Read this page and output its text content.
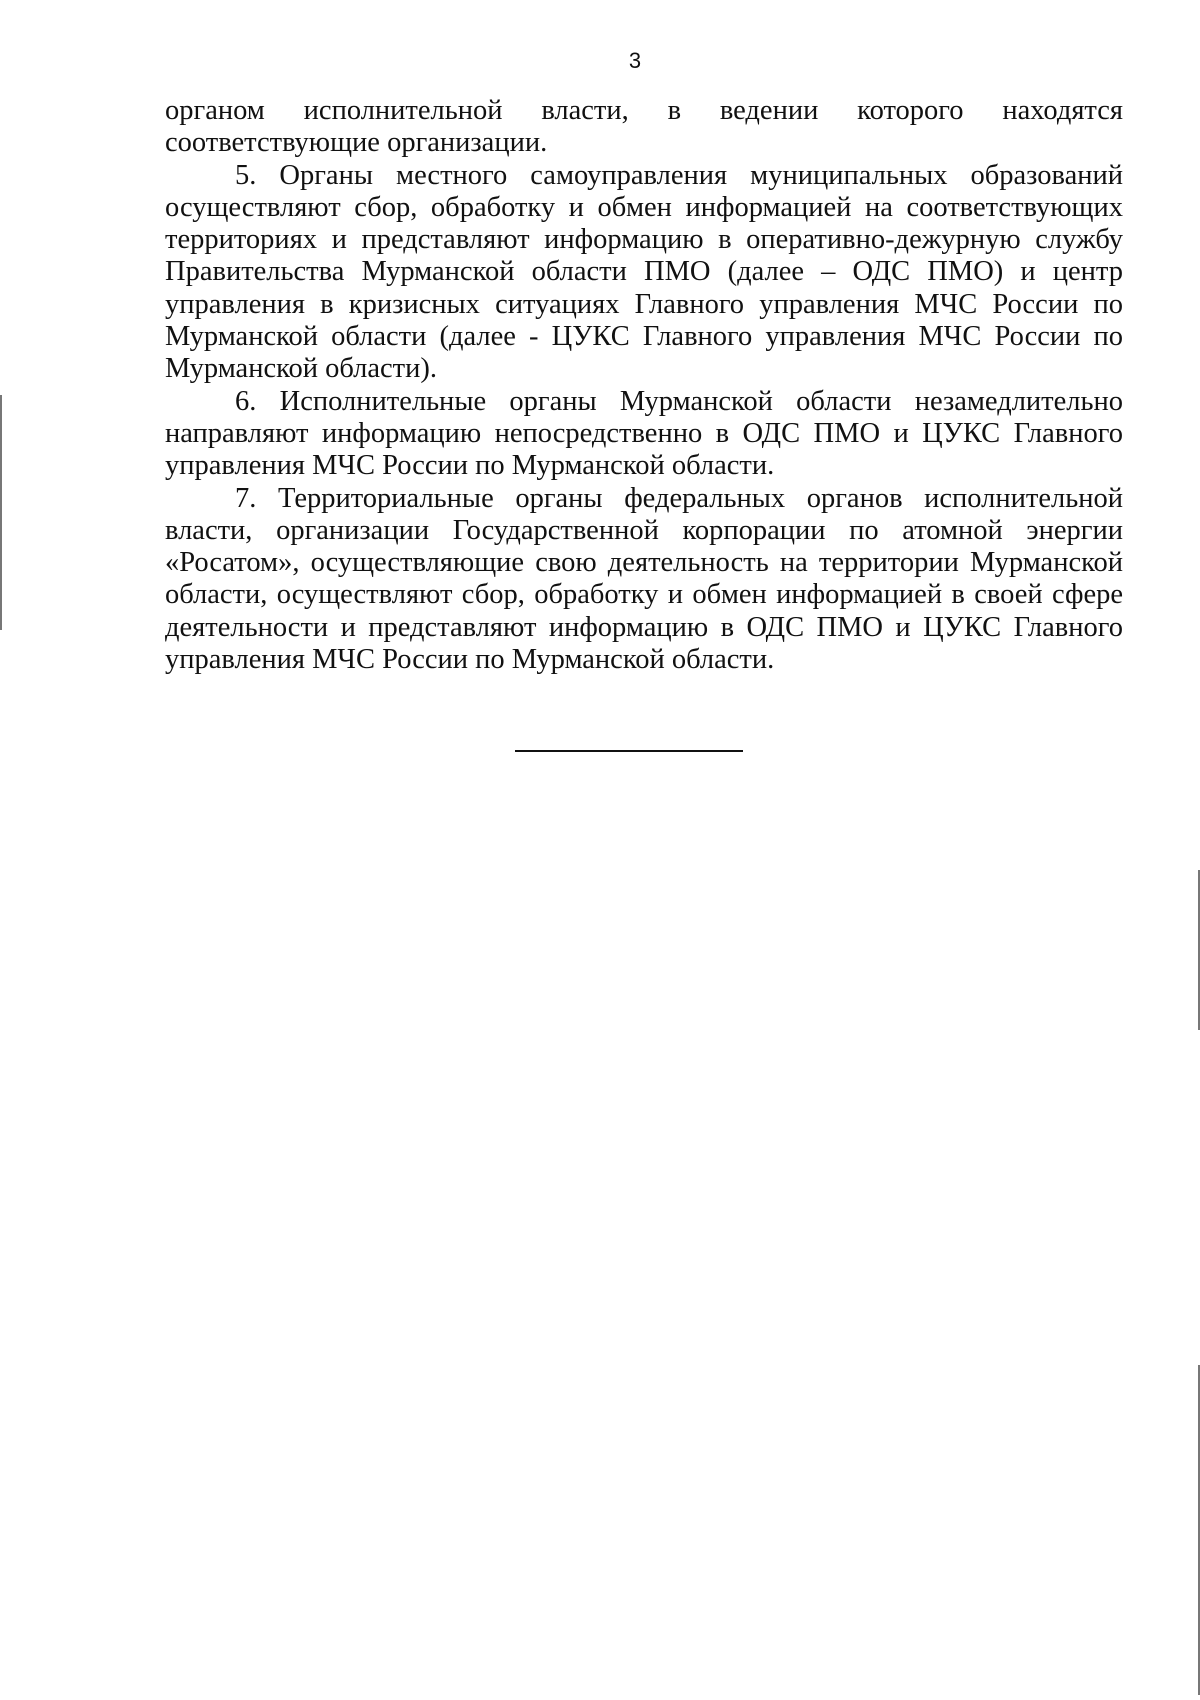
3

органом исполнительной власти, в ведении которого находятся соответствующие организации.

5. Органы местного самоуправления муниципальных образований осуществляют сбор, обработку и обмен информацией на соответствующих территориях и представляют информацию в оперативно-дежурную службу Правительства Мурманской области ПМО (далее – ОДС ПМО) и центр управления в кризисных ситуациях Главного управления МЧС России по Мурманской области (далее - ЦУКС Главного управления МЧС России по Мурманской области).

6. Исполнительные органы Мурманской области незамедлительно направляют информацию непосредственно в ОДС ПМО и ЦУКС Главного управления МЧС России по Мурманской области.

7. Территориальные органы федеральных органов исполнительной власти, организации Государственной корпорации по атомной энергии «Росатом», осуществляющие свою деятельность на территории Мурманской области, осуществляют сбор, обработку и обмен информацией в своей сфере деятельности и представляют информацию в ОДС ПМО и ЦУКС Главного управления МЧС России по Мурманской области.
